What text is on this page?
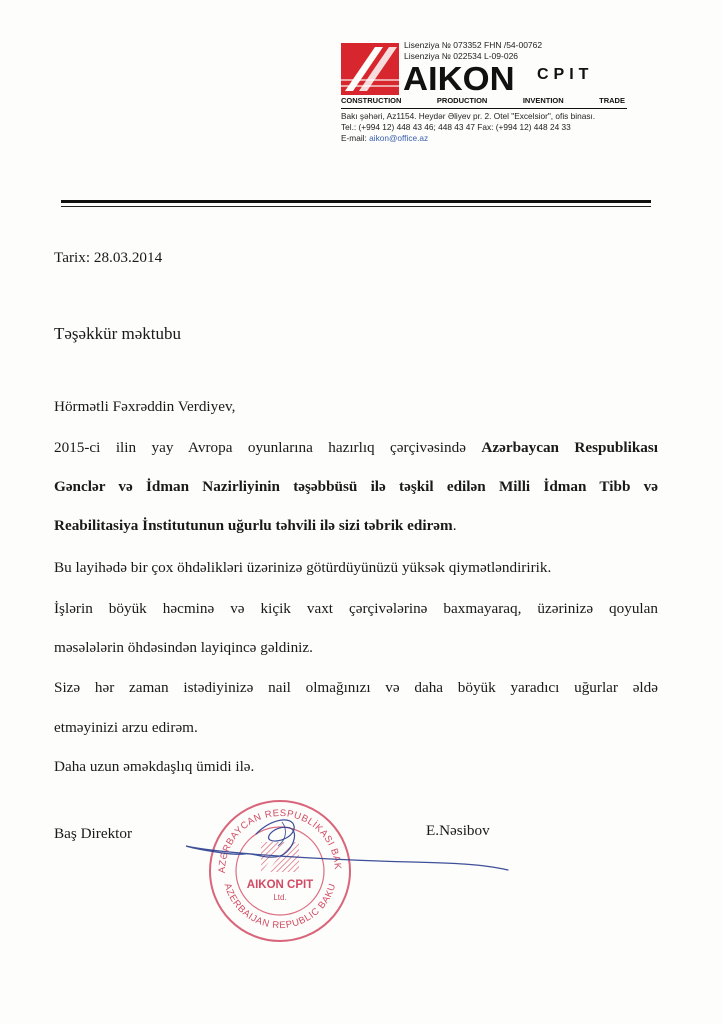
Lisenziya № 073352 FHN /54-00762
Lisenziya № 022534 L-09-026
AIKON CPIT
CONSTRUCTION	PRODUCTION	INVENTION	TRADE
Bakı şəhəri, Az1154. Heydər Əliyev pr. 2. Otel "Excelsior", ofis binası.
Tel.: (+994 12) 448 43 46; 448 43 47 Fax: (+994 12) 448 24 33
E-mail: aikon@office.az
Tarix: 28.03.2014
Təşəkkür məktubu
Hörmətli Fəxrəddin Verdiyev,
2015-ci ilin yay Avropa oyunlarına hazırlıq çərçivəsində Azərbaycan Respublikası
Gənclər və İdman Nazirliyinin təşəbbüsü ilə təşkil edilən Milli İdman Tibb və
Reabilitasiya İnstitutunun uğurlu təhvili ilə sizi təbrik edirəm.
Bu layihədə bir çox öhdəlikləri üzərinizə götürdüyünüzü yüksək qiymətləndiririk.
İşlərin böyük həcminə və kiçik vaxt çərçivələrinə baxmayaraq, üzərinizə qoyulan
məsələlərin öhdəsindən layiqincə gəldiniz.
Sizə hər zaman istədiyinizə nail olmağınızı və daha böyük yaradıcı uğurlar əldə
etməyinizi arzu edirəm.
Daha uzun əməkdaşlıq ümidi ilə.
Baş Direktor	E.Nəsibov
AZƏRBAYCAN RESPUBLİKASI BAK
AZERBAIJAN REPUBLIC BAKU
AIKON CPIT
Ltd.
